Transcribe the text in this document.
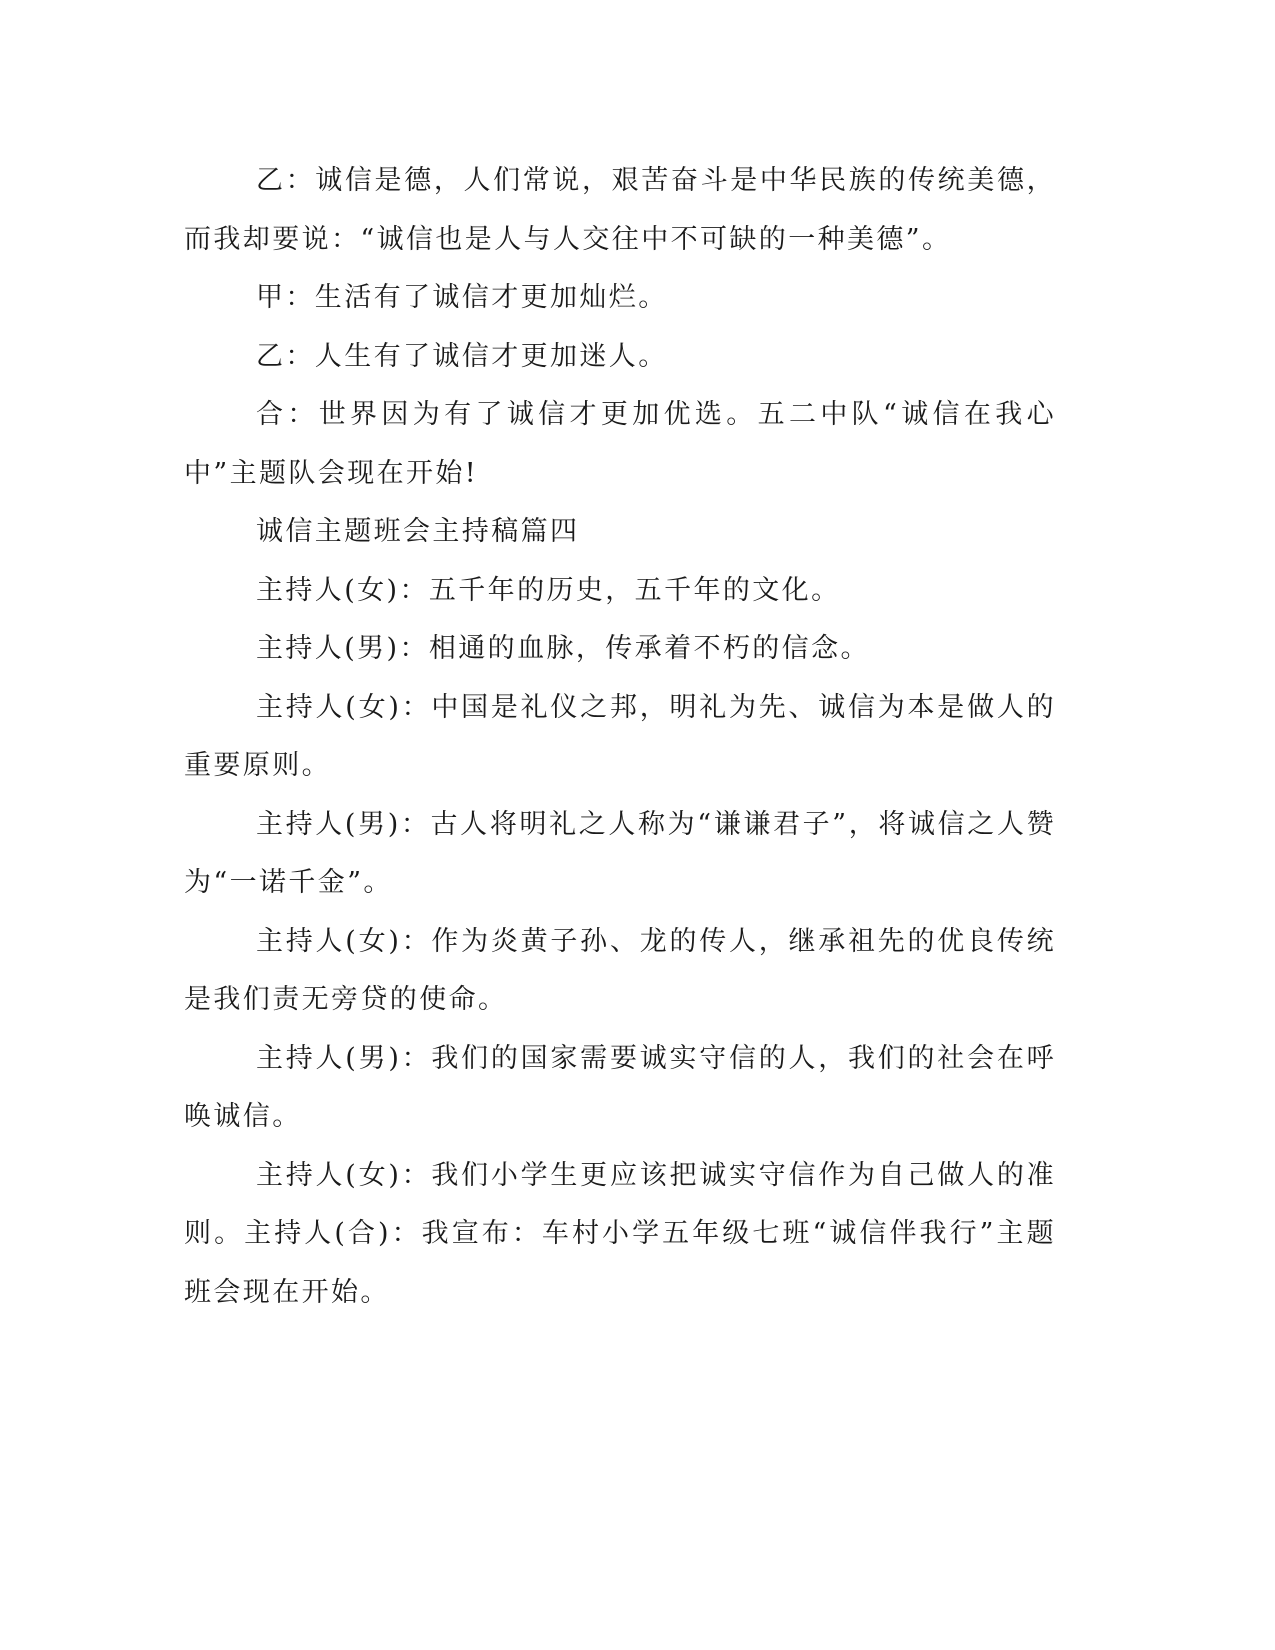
乙：诚信是德，人们常说，艰苦奋斗是中华民族的传统美德，而我却要说：“诚信也是人与人交往中不可缺的一种美德”。

甲：生活有了诚信才更加灿烂。

乙：人生有了诚信才更加迷人。

合：世界因为有了诚信才更加优选。五二中队“诚信在我心中”主题队会现在开始!

诚信主题班会主持稿篇四

主持人(女)：五千年的历史，五千年的文化。

主持人(男)：相通的血脉，传承着不朽的信念。

主持人(女)：中国是礼仪之邦，明礼为先、诚信为本是做人的重要原则。

主持人(男)：古人将明礼之人称为“谦谦君子”，将诚信之人赞为“一诺千金”。

主持人(女)：作为炎黄子孙、龙的传人，继承祖先的优良传统是我们责无旁贷的使命。

主持人(男)：我们的国家需要诚实守信的人，我们的社会在呼唤诚信。

主持人(女)：我们小学生更应该把诚实守信作为自己做人的准则。主持人(合)：我宣布：车村小学五年级七班“诚信伴我行”主题班会现在开始。
